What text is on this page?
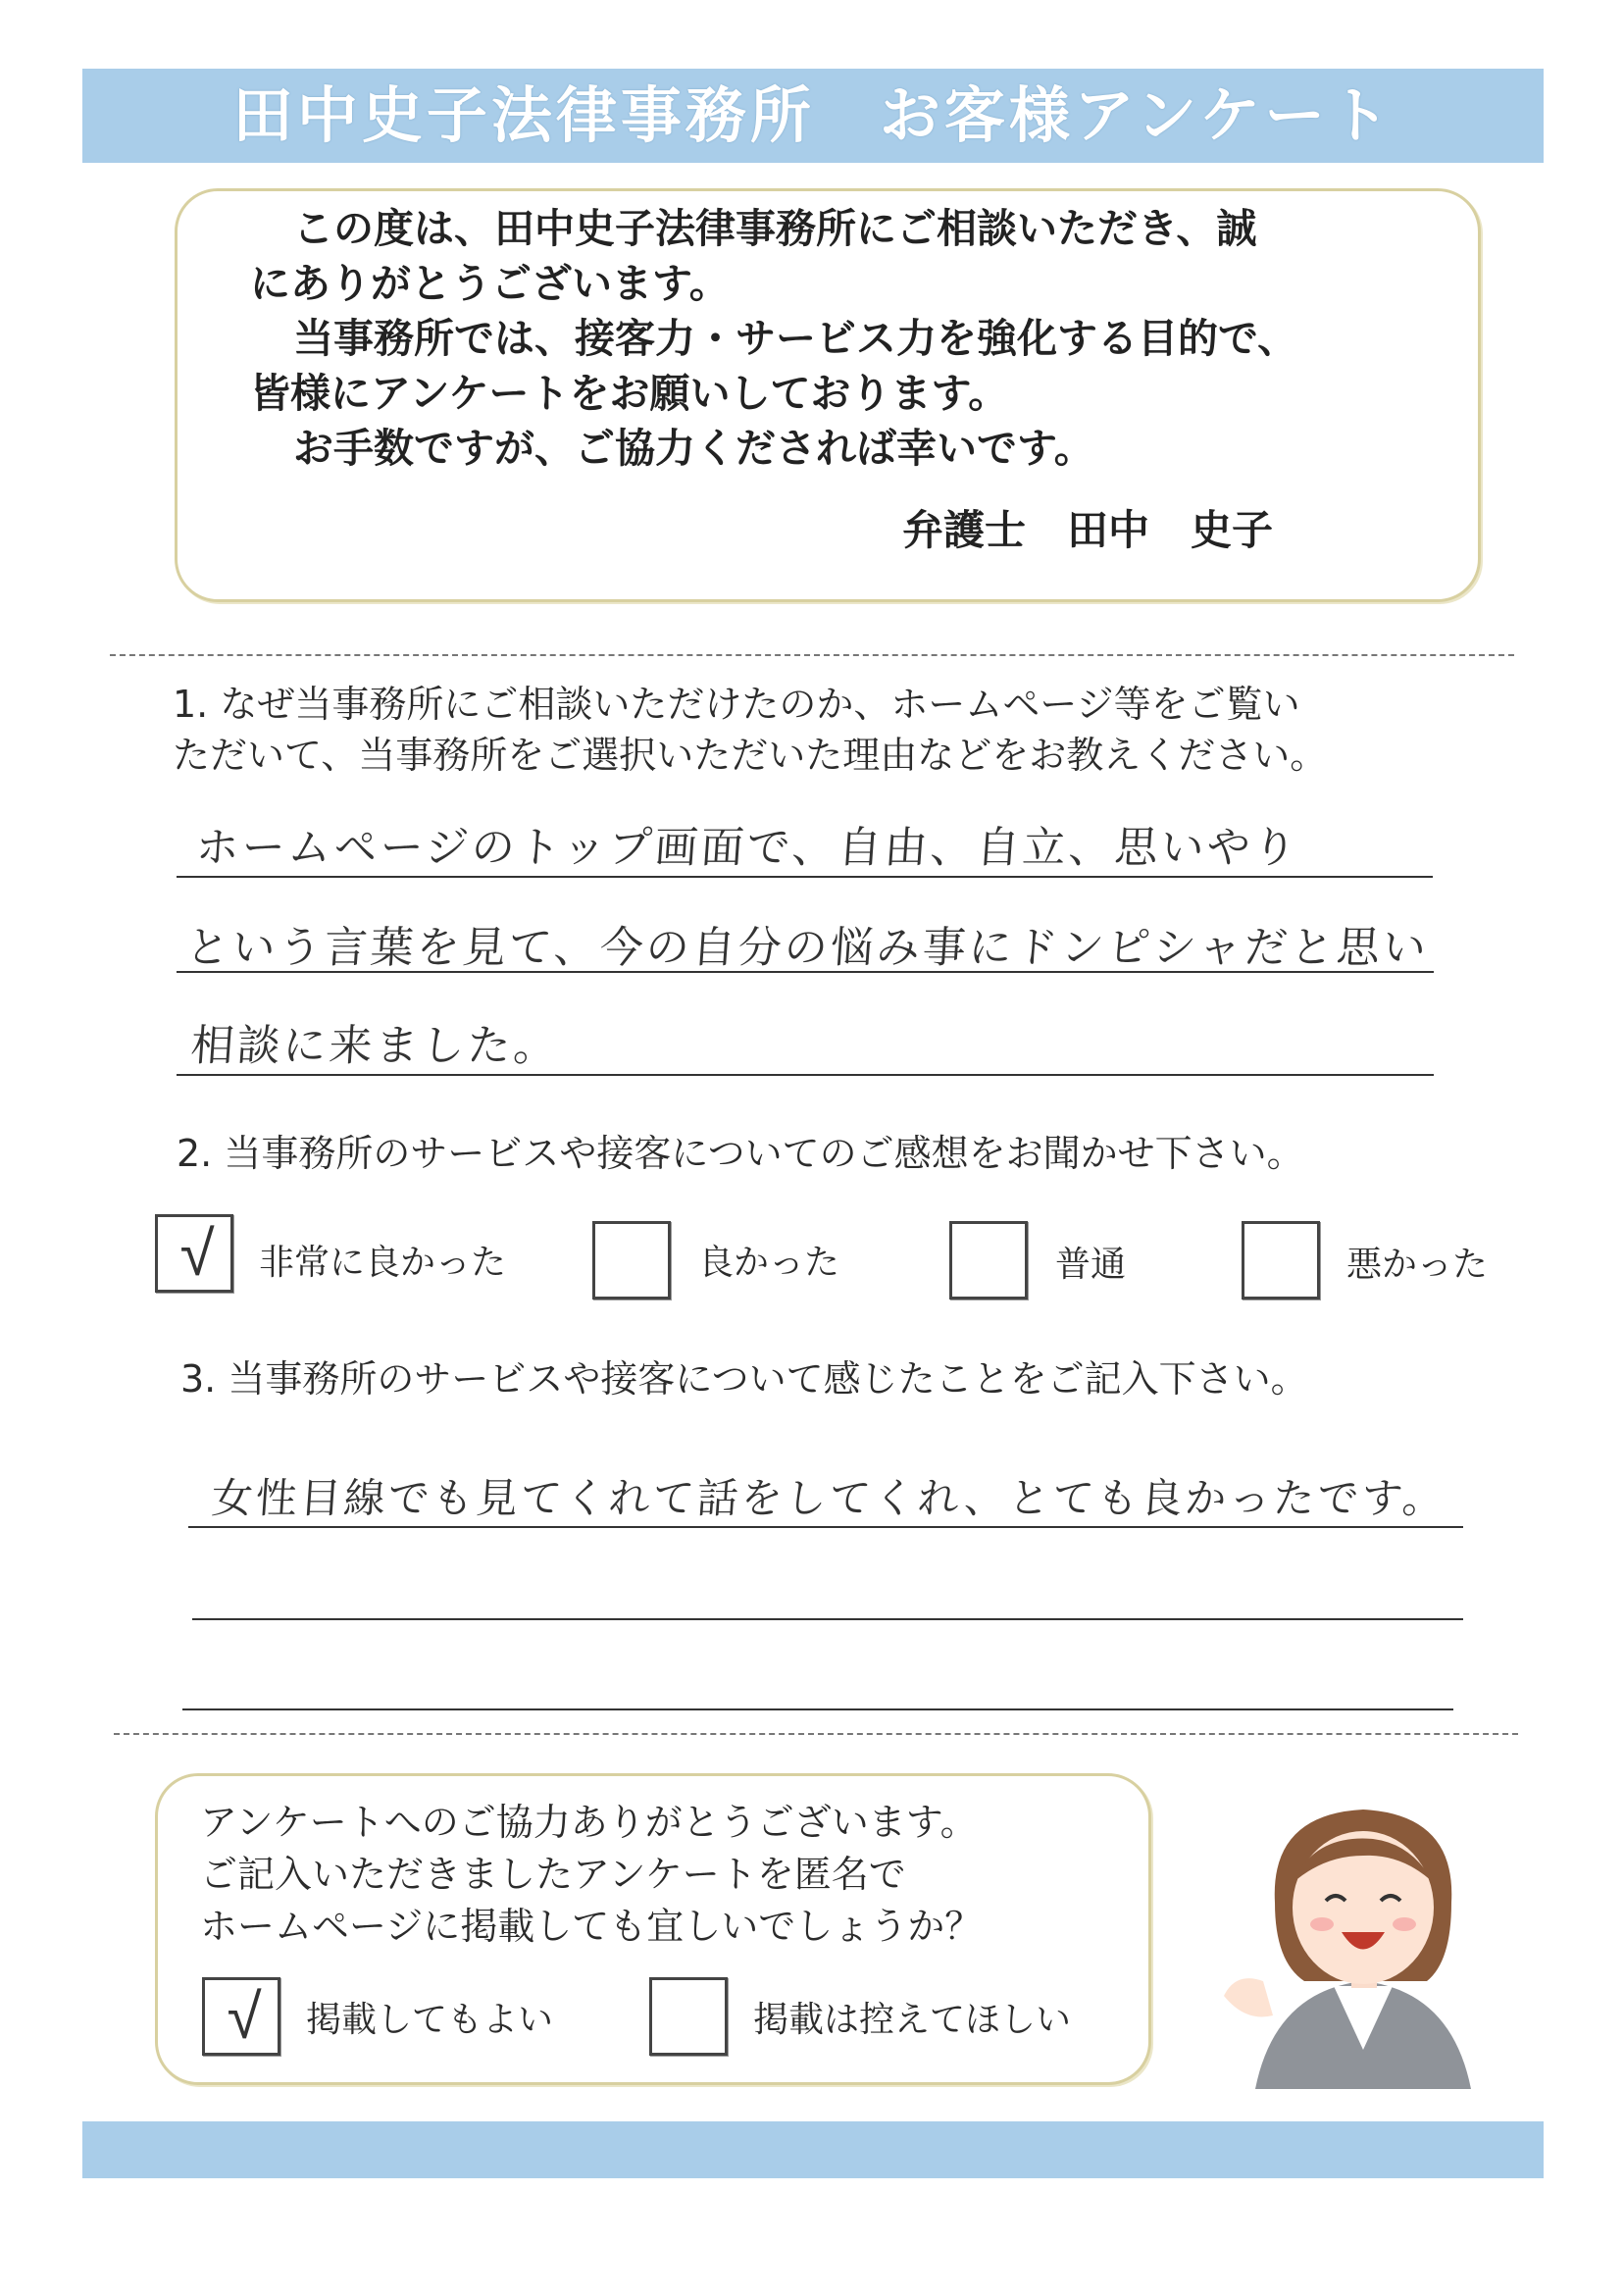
田中史子法律事務所　お客様アンケート
この度は、田中史子法律事務所にご相談いただき、誠
にありがとうございます。
当事務所では、接客力・サービス力を強化する目的で、
皆様にアンケートをお願いしております。
お手数ですが、ご協力くだされば幸いです。
弁護士　田中　史子
1. なぜ当事務所にご相談いただけたのか、ホームページ等をご覧い
ただいて、当事務所をご選択いただいた理由などをお教えください。
ホームページのトップ画面で、自由、自立、思いやり
という言葉を見て、今の自分の悩み事にドンピシャだと思い
相談に来ました。
2. 当事務所のサービスや接客についてのご感想をお聞かせ下さい。
√	非常に良かった	良かった	普通	悪かった
3. 当事務所のサービスや接客について感じたことをご記入下さい。
女性目線でも見てくれて話をしてくれ、とても良かったです。
アンケートへのご協力ありがとうございます。
ご記入いただきましたアンケートを匿名で
ホームページに掲載しても宜しいでしょうか？
√	掲載してもよい	掲載は控えてほしい
